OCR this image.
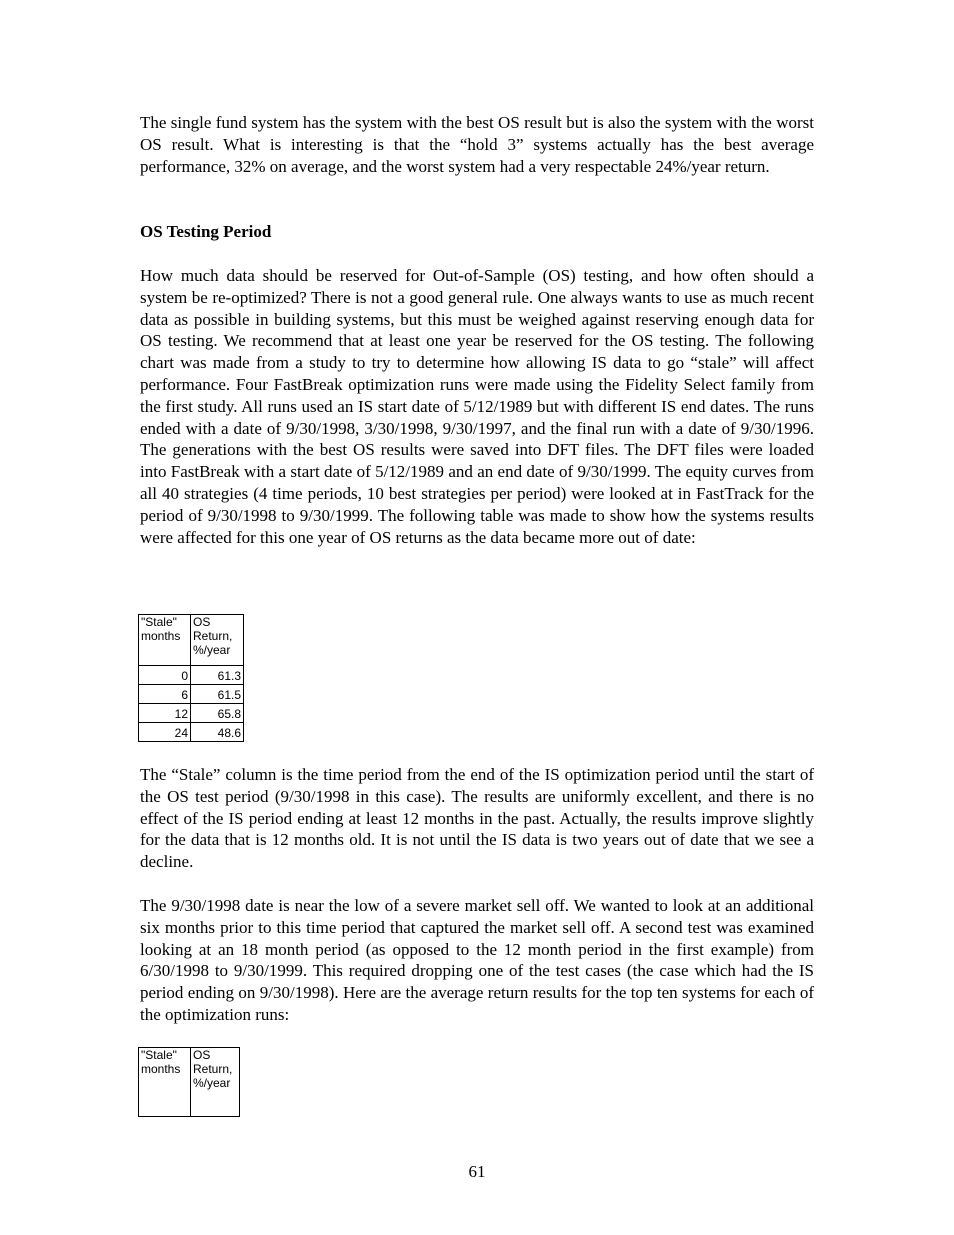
The single fund system has the system with the best OS result but is also the system with the worst OS result. What is interesting is that the “hold 3” systems actually has the best average performance, 32% on average, and the worst system had a very respectable 24%/year return.

OS Testing Period

How much data should be reserved for Out-of-Sample (OS) testing, and how often should a system be re-optimized? There is not a good general rule. One always wants to use as much recent data as possible in building systems, but this must be weighed against reserving enough data for OS testing. We recommend that at least one year be reserved for the OS testing. The following chart was made from a study to try to determine how allowing IS data to go “stale” will affect performance. Four FastBreak optimization runs were made using the Fidelity Select family from the first study. All runs used an IS start date of 5/12/1989 but with different IS end dates. The runs ended with a date of 9/30/1998, 3/30/1998, 9/30/1997, and the final run with a date of 9/30/1996. The generations with the best OS results were saved into DFT files. The DFT files were loaded into FastBreak with a start date of 5/12/1989 and an end date of 9/30/1999. The equity curves from all 40 strategies (4 time periods, 10 best strategies per period) were looked at in FastTrack for the period of 9/30/1998 to 9/30/1999. The following table was made to show how the systems results were affected for this one year of OS returns as the data became more out of date:

"Stale" months	OS Return, %/year
0	61.3
6	61.5
12	65.8
24	48.6

The “Stale” column is the time period from the end of the IS optimization period until the start of the OS test period (9/30/1998 in this case). The results are uniformly excellent, and there is no effect of the IS period ending at least 12 months in the past. Actually, the results improve slightly for the data that is 12 months old. It is not until the IS data is two years out of date that we see a decline.

The 9/30/1998 date is near the low of a severe market sell off. We wanted to look at an additional six months prior to this time period that captured the market sell off. A second test was examined looking at an 18 month period (as opposed to the 12 month period in the first example) from 6/30/1998 to 9/30/1999. This required dropping one of the test cases (the case which had the IS period ending on 9/30/1998). Here are the average return results for the top ten systems for each of the optimization runs:

"Stale" months	OS Return, %/year
61
